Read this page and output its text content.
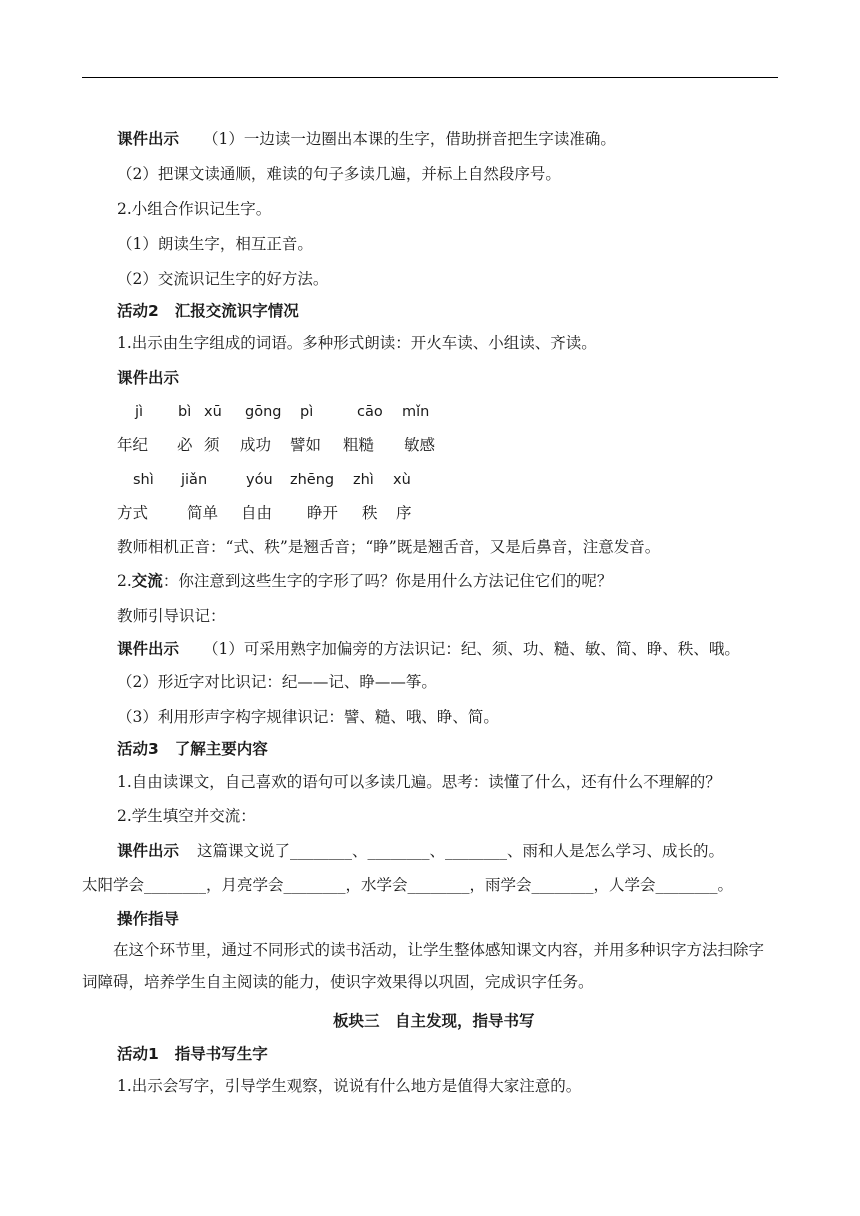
课件出示 （1）一边读一边圈出本课的生字，借助拼音把生字读准确。
（2）把课文读通顺，难读的句子多读几遍，并标上自然段序号。
2.小组合作识记生字。
（1）朗读生字，相互正音。
（2）交流识记生字的好方法。
活动2 汇报交流识字情况
1.出示由生字组成的词语。多种形式朗读：开火车读、小组读、齐读。
课件出示
jì bì xū gōng pì	cāo mǐn
年纪 必 须 成功 譬如 粗糙 敏感
shì jiǎn	yóu zhēng zhì xù
方式	简单 自由 睁开 秩 序
教师相机正音：“式、秩”是翘舌音；“睁”既是翘舌音，又是后鼻音，注意发音。
2.交流：你注意到这些生字的字形了吗？你是用什么方法记住它们的呢？
教师引导识记：
课件出示 （1）可采用熟字加偏旁的方法识记：纪、须、功、糙、敏、简、睁、秩、哦。
（2）形近字对比识记：纪——记、睁——筝。
（3）利用形声字构字规律识记：譬、糙、哦、睁、简。
活动3 了解主要内容
1.自由读课文，自己喜欢的语句可以多读几遍。思考：读懂了什么，还有什么不理解的？
2.学生填空并交流：
课件出示 这篇课文说了________、________、________、雨和人是怎么学习、成长的。
太阳学会________，月亮学会________，水学会________，雨学会________，人学会________。
操作指导
在这个环节里，通过不同形式的读书活动，让学生整体感知课文内容，并用多种识字方法扫除字词障碍，培养学生自主阅读的能力，使识字效果得以巩固，完成识字任务。
板块三　自主发现，指导书写
活动1 指导书写生字
1.出示会写字，引导学生观察，说说有什么地方是值得大家注意的。
